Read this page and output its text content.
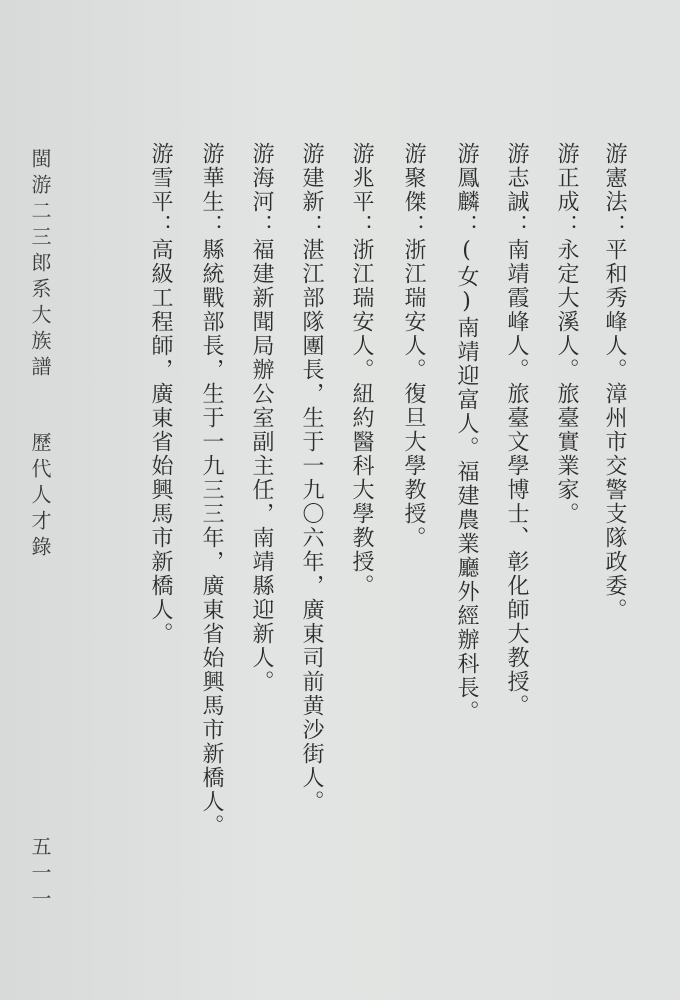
游憲法：平和秀峰人。漳州市交警支隊政委。
游正成：永定大溪人。旅臺實業家。
游志誠：南靖霞峰人。旅臺文學博士、彰化師大教授。
游鳳麟：(女)南靖迎富人。福建農業廳外經辦科長。
游聚傑：浙江瑞安人。復旦大學教授。
游兆平：浙江瑞安人。紐約醫科大學教授。
游建新：湛江部隊團長，生于一九〇六年，廣東司前黄沙街人。
游海河：福建新聞局辦公室副主任，南靖縣迎新人。
游華生：縣統戰部長，生于一九三三年，廣東省始興馬市新橋人。
游雪平：高級工程師，廣東省始興馬市新橋人。
閩游二三郎系大族譜
歷代人才錄
五一一
